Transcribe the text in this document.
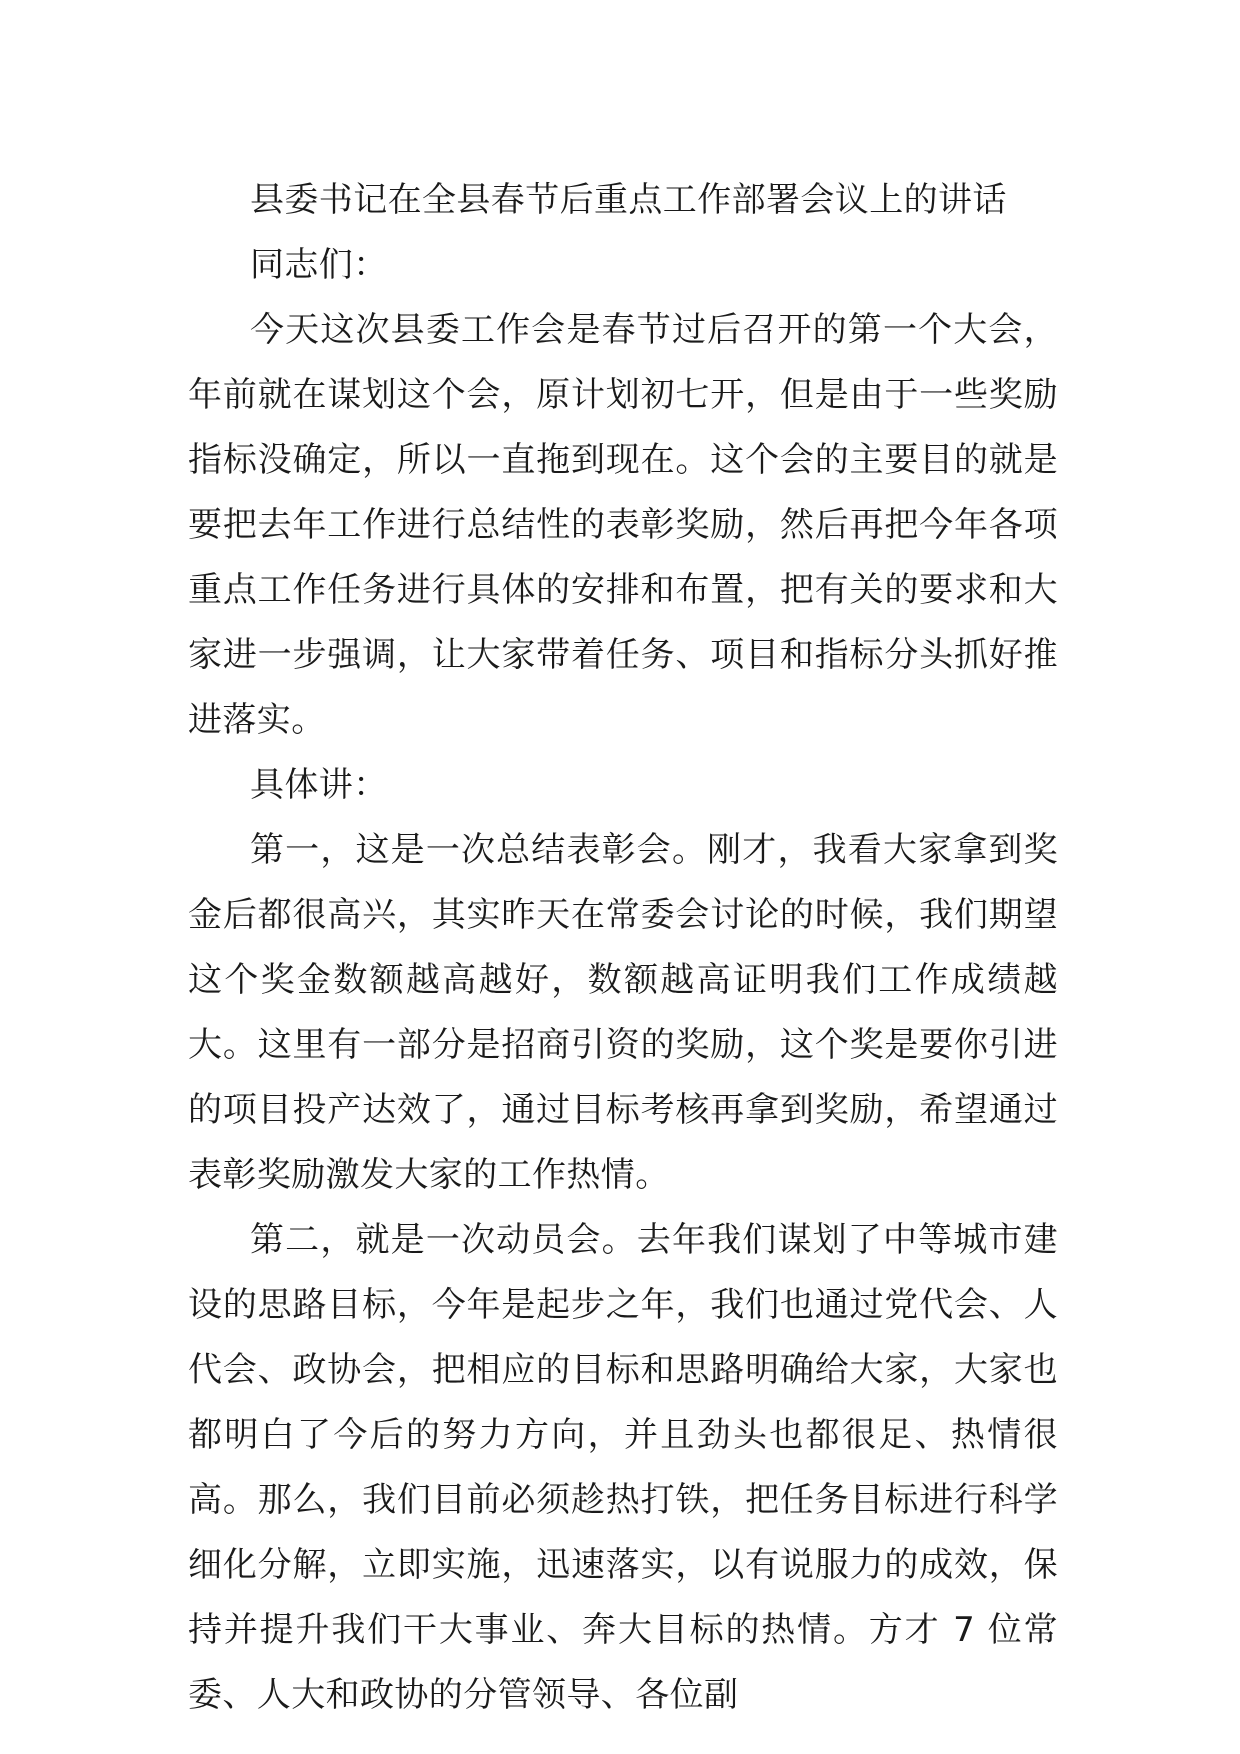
县委书记在全县春节后重点工作部署会议上的讲话

同志们：

今天这次县委工作会是春节过后召开的第一个大会，年前就在谋划这个会，原计划初七开，但是由于一些奖励指标没确定，所以一直拖到现在。这个会的主要目的就是要把去年工作进行总结性的表彰奖励，然后再把今年各项重点工作任务进行具体的安排和布置，把有关的要求和大家进一步强调，让大家带着任务、项目和指标分头抓好推进落实。

具体讲：

第一，这是一次总结表彰会。刚才，我看大家拿到奖金后都很高兴，其实昨天在常委会讨论的时候，我们期望这个奖金数额越高越好，数额越高证明我们工作成绩越大。这里有一部分是招商引资的奖励，这个奖是要你引进的项目投产达效了，通过目标考核再拿到奖励，希望通过表彰奖励激发大家的工作热情。

第二，就是一次动员会。去年我们谋划了中等城市建设的思路目标，今年是起步之年，我们也通过党代会、人代会、政协会，把相应的目标和思路明确给大家，大家也都明白了今后的努力方向，并且劲头也都很足、热情很高。那么，我们目前必须趁热打铁，把任务目标进行科学细化分解，立即实施，迅速落实，以有说服力的成效，保持并提升我们干大事业、奔大目标的热情。方才 7 位常委、人大和政协的分管领导、各位副
